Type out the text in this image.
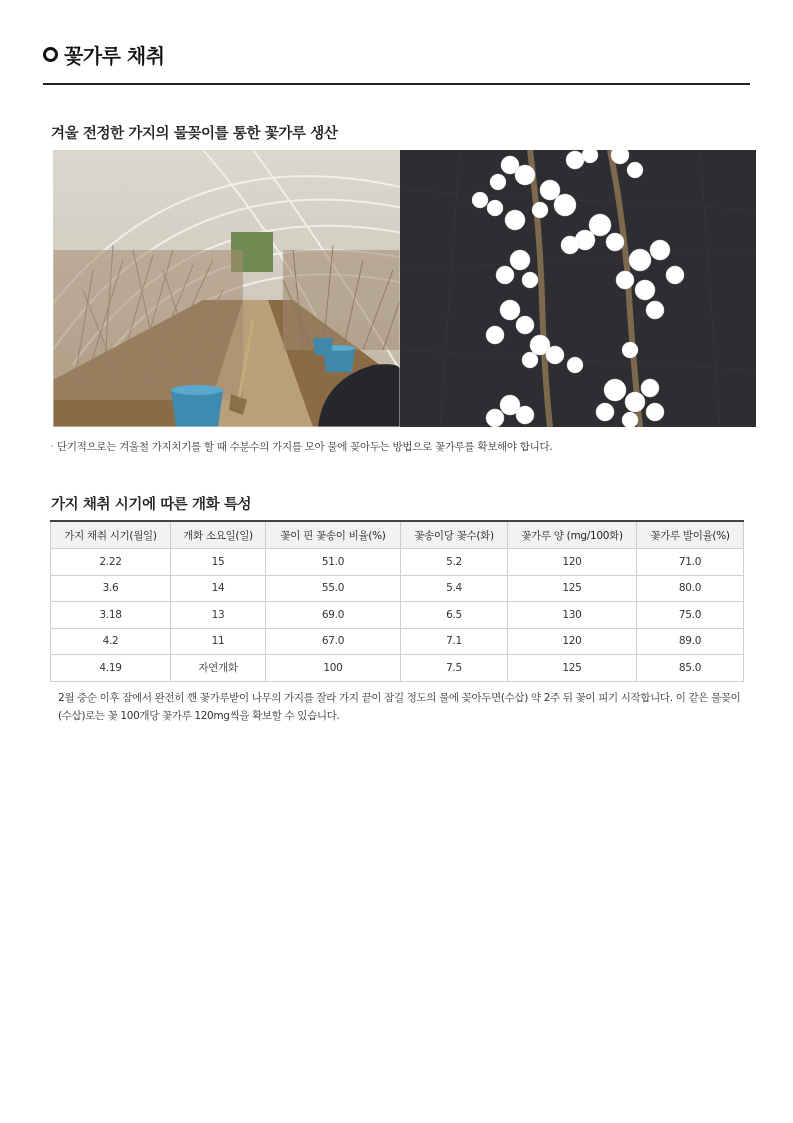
꽃가루 채취
겨울 전정한 가지의 물꽂이를 통한 꽃가루 생산
· 단기적으로는 겨울철 가지치기를 할 때 수분수의 가지를 모아 물에 꽂아두는 방법으로 꽃가루를 확보해야 합니다.
가지 채취 시기에 따른 개화 특성
가지 채취 시기(월일)	개화 소요일(일)	꽃이 핀 꽃송이 비율(%)	꽃송이당 꽃수(화)	꽃가루 양 (mg/100화)	꽃가루 발이율(%)
2.22	15	51.0	5.2	120	71.0
3.6	14	55.0	5.4	125	80.0
3.18	13	69.0	6.5	130	75.0
4.2	11	67.0	7.1	120	89.0
4.19	자연개화	100	7.5	125	85.0
2월 중순 이후 잠에서 완전히 깬 꽃가루받이 나무의 가지를 잘라 가지 끝이 잠길 정도의 물에 꽂아두면(수삽) 약 2주 뒤 꽃이 피기 시작합니다. 이 같은 물꽂이(수삽)로는 꽃 100개당 꽃가루 120mg씩을 확보할 수 있습니다.
